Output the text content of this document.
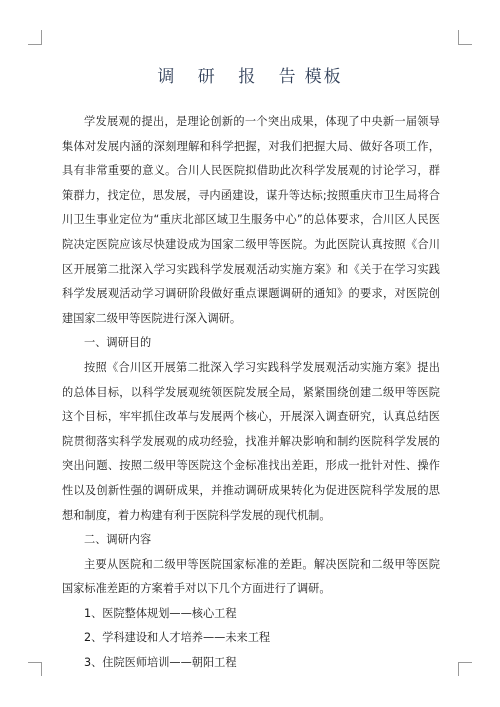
调 研 报 告模板

学发展观的提出，是理论创新的一个突出成果，体现了中央新一届领导集体对发展内涵的深刻理解和科学把握，对我们把握大局、做好各项工作，具有非常重要的意义。合川人民医院拟借助此次科学发展观的讨论学习，群策群力，找定位，思发展，寻内函建设，谋升等达标;按照重庆市卫生局将合川卫生事业定位为“重庆北部区域卫生服务中心”的总体要求，合川区人民医院决定医院应该尽快建设成为国家二级甲等医院。为此医院认真按照《合川区开展第二批深入学习实践科学发展观活动实施方案》和《关于在学习实践科学发展观活动学习调研阶段做好重点课题调研的通知》的要求，对医院创建国家二级甲等医院进行深入调研。

一、调研目的

按照《合川区开展第二批深入学习实践科学发展观活动实施方案》提出的总体目标，以科学发展观统领医院发展全局，紧紧围绕创建二级甲等医院这个目标，牢牢抓住改革与发展两个核心，开展深入调查研究，认真总结医院贯彻落实科学发展观的成功经验，找准并解决影响和制约医院科学发展的突出问题、按照二级甲等医院这个金标准找出差距，形成一批针对性、操作性以及创新性强的调研成果，并推动调研成果转化为促进医院科学发展的思想和制度，着力构建有利于医院科学发展的现代机制。

二、调研内容

主要从医院和二级甲等医院国家标准的差距。解决医院和二级甲等医院国家标准差距的方案着手对以下几个方面进行了调研。

1、医院整体规划——核心工程

2、学科建设和人才培养——未来工程

3、住院医师培训——朝阳工程
